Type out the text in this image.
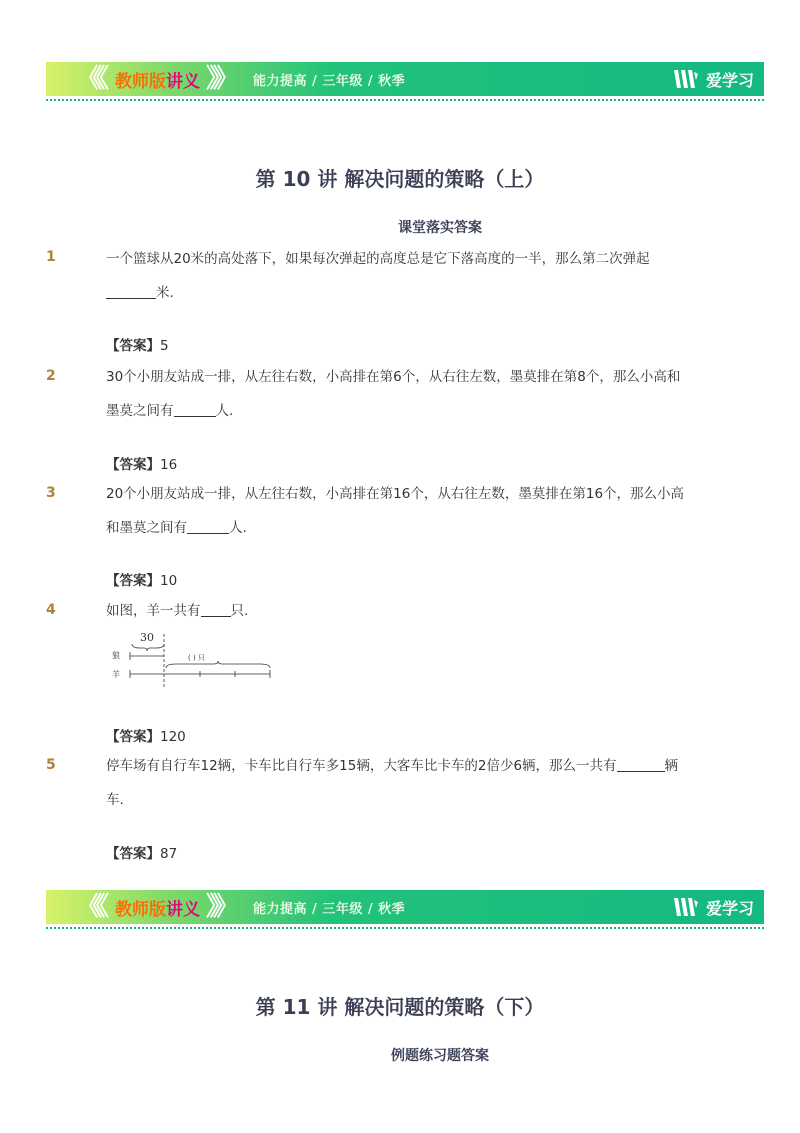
《《 教师版 讲义 》》 能力提高 / 三年级 / 秋季	爱学习
第 10 讲 解决问题的策略（上）
课堂落实答案
1	一个篮球从20米的高处落下，如果每次弹起的高度总是它下落高度的一半，那么第二次弹起
米.
【答案】5
2	30个小朋友站成一排，从左往右数，小高排在第6个，从右往左数，墨莫排在第8个，那么小高和
墨莫之间有	人.
【答案】16
3	20个小朋友站成一排，从左往右数，小高排在第16个，从右往左数，墨莫排在第16个，那么小高
和墨莫之间有	人.
【答案】10
4	如图，羊一共有 只.
30
狼	( ) 只
羊
【答案】120
5	停车场有自行车12辆，卡车比自行车多15辆，大客车比卡车的2倍少6辆，那么一共有	辆
车.
【答案】87
《《 教师版 讲义 》》 能力提高 / 三年级 / 秋季	爱学习
第 11 讲 解决问题的策略（下）
例题练习题答案
